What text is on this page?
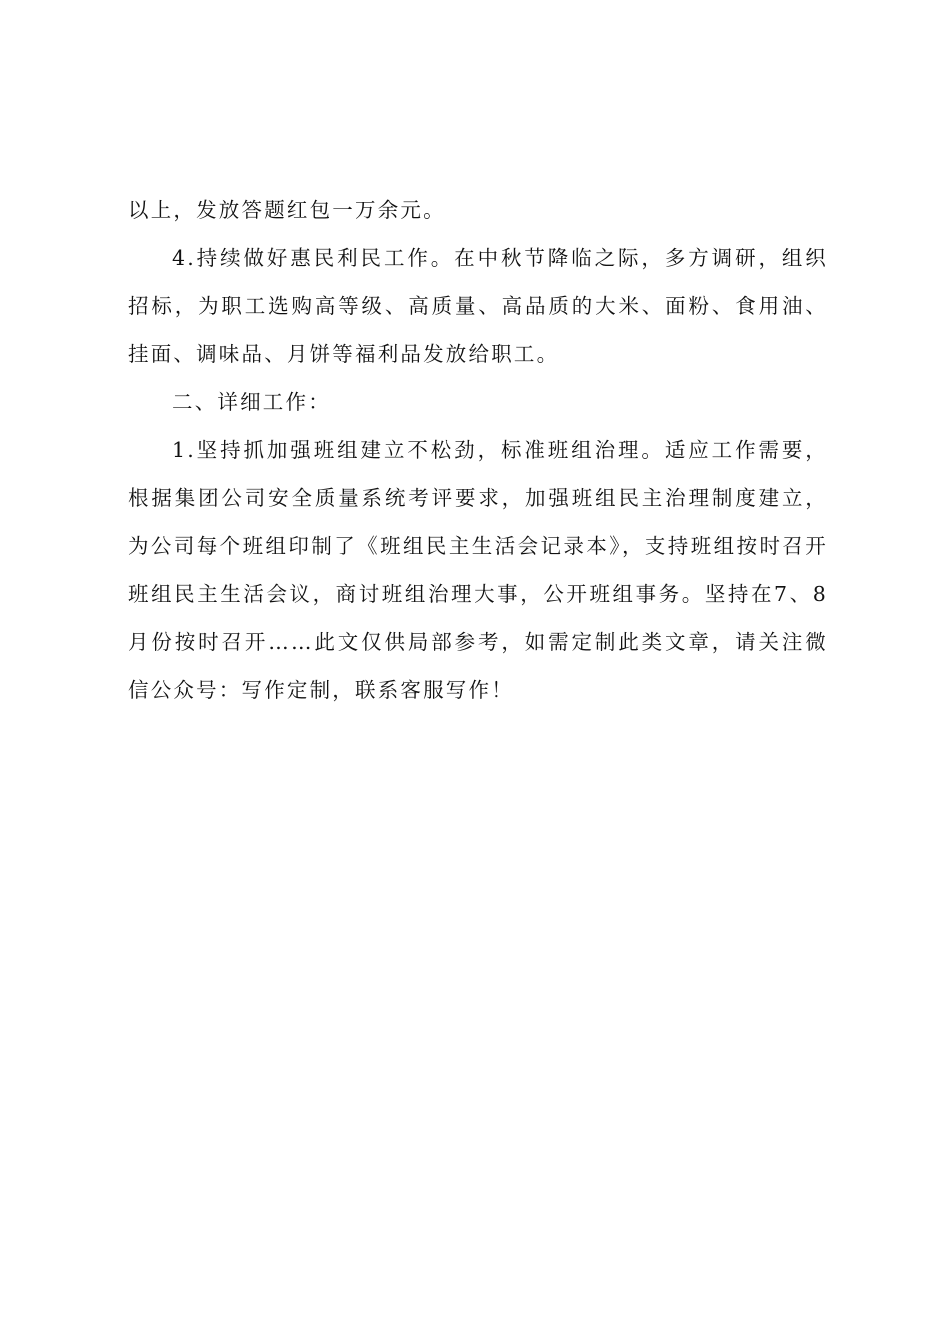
以上，发放答题红包一万余元。

4.持续做好惠民利民工作。在中秋节降临之际，多方调研，组织招标，为职工选购高等级、高质量、高品质的大米、面粉、食用油、挂面、调味品、月饼等福利品发放给职工。

二、详细工作：

1.坚持抓加强班组建立不松劲，标准班组治理。适应工作需要，根据集团公司安全质量系统考评要求，加强班组民主治理制度建立，为公司每个班组印制了《班组民主生活会记录本》，支持班组按时召开班组民主生活会议，商讨班组治理大事，公开班组事务。坚持在7、8月份按时召开……此文仅供局部参考，如需定制此类文章，请关注微信公众号：写作定制，联系客服写作！
